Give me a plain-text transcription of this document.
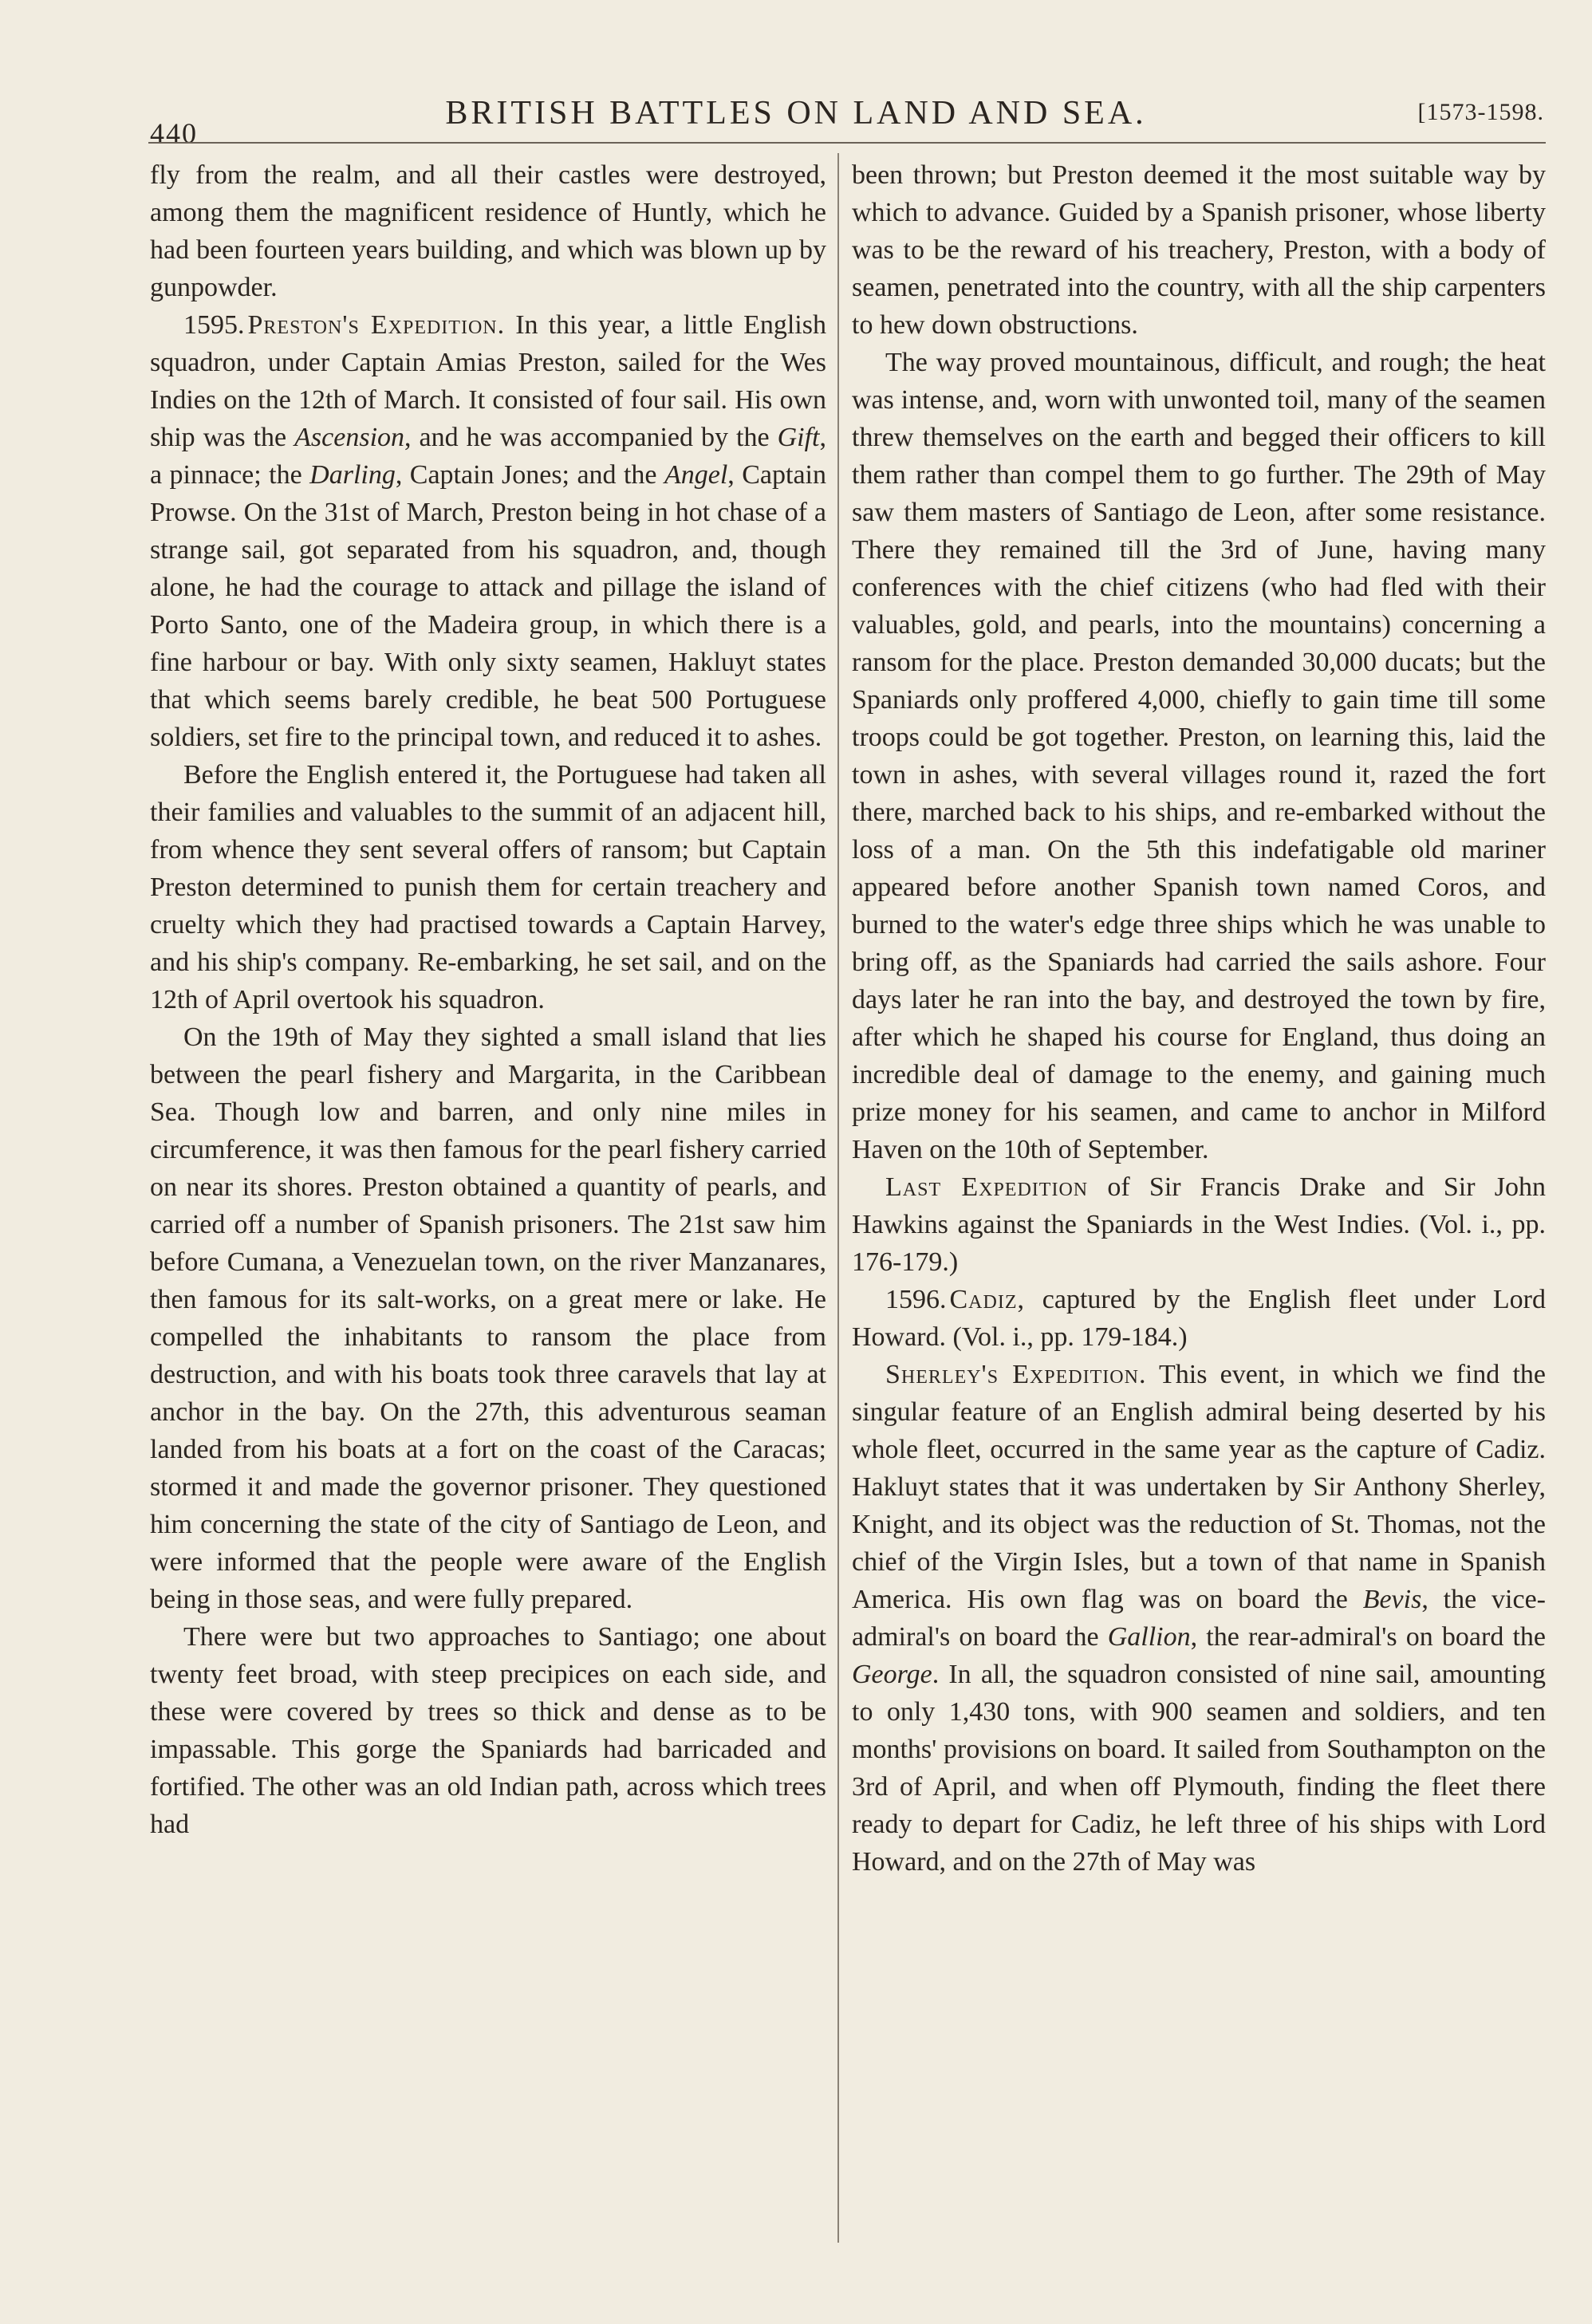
440
BRITISH BATTLES ON LAND AND SEA.	[1573-1598.

fly from the realm, and all their castles were destroyed, among them the magnificent residence of Huntly, which he had been fourteen years building, and which was blown up by gunpowder.

1595. Preston's Expedition. In this year, a little English squadron, under Captain Amias Preston, sailed for the Wes Indies on the 12th of March. It consisted of four sail. His own ship was the Ascension, and he was accompanied by the Gift, a pinnace; the Darling, Captain Jones; and the Angel, Captain Prowse. On the 31st of March, Preston being in hot chase of a strange sail, got separated from his squadron, and, though alone, he had the courage to attack and pillage the island of Porto Santo, one of the Madeira group, in which there is a fine harbour or bay. With only sixty seamen, Hakluyt states that which seems barely credible, he beat 500 Portuguese soldiers, set fire to the principal town, and reduced it to ashes.

Before the English entered it, the Portuguese had taken all their families and valuables to the summit of an adjacent hill, from whence they sent several offers of ransom; but Captain Preston determined to punish them for certain treachery and cruelty which they had practised towards a Captain Harvey, and his ship's company. Re-embarking, he set sail, and on the 12th of April overtook his squadron.

On the 19th of May they sighted a small island that lies between the pearl fishery and Margarita, in the Caribbean Sea. Though low and barren, and only nine miles in circumference, it was then famous for the pearl fishery carried on near its shores. Preston obtained a quantity of pearls, and carried off a number of Spanish prisoners. The 21st saw him before Cumana, a Venezuelan town, on the river Manzanares, then famous for its salt-works, on a great mere or lake. He compelled the inhabitants to ransom the place from destruction, and with his boats took three caravels that lay at anchor in the bay. On the 27th, this adventurous seaman landed from his boats at a fort on the coast of the Caracas; stormed it and made the governor prisoner. They questioned him concerning the state of the city of Santiago de Leon, and were informed that the people were aware of the English being in those seas, and were fully prepared.

There were but two approaches to Santiago; one about twenty feet broad, with steep precipices on each side, and these were covered by trees so thick and dense as to be impassable. This gorge the Spaniards had barricaded and fortified. The other was an old Indian path, across which trees had

been thrown; but Preston deemed it the most suitable way by which to advance. Guided by a Spanish prisoner, whose liberty was to be the reward of his treachery, Preston, with a body of seamen, penetrated into the country, with all the ship carpenters to hew down obstructions.

The way proved mountainous, difficult, and rough; the heat was intense, and, worn with unwonted toil, many of the seamen threw themselves on the earth and begged their officers to kill them rather than compel them to go further. The 29th of May saw them masters of Santiago de Leon, after some resistance. There they remained till the 3rd of June, having many conferences with the chief citizens (who had fled with their valuables, gold, and pearls, into the mountains) concerning a ransom for the place. Preston demanded 30,000 ducats; but the Spaniards only proffered 4,000, chiefly to gain time till some troops could be got together. Preston, on learning this, laid the town in ashes, with several villages round it, razed the fort there, marched back to his ships, and re-embarked without the loss of a man. On the 5th this indefatigable old mariner appeared before another Spanish town named Coros, and burned to the water's edge three ships which he was unable to bring off, as the Spaniards had carried the sails ashore. Four days later he ran into the bay, and destroyed the town by fire, after which he shaped his course for England, thus doing an incredible deal of damage to the enemy, and gaining much prize money for his seamen, and came to anchor in Milford Haven on the 10th of September.

Last Expedition of Sir Francis Drake and Sir John Hawkins against the Spaniards in the West Indies. (Vol. i., pp. 176-179.)

1596. Cadiz, captured by the English fleet under Lord Howard. (Vol. i., pp. 179-184.)

Sherley's Expedition. This event, in which we find the singular feature of an English admiral being deserted by his whole fleet, occurred in the same year as the capture of Cadiz. Hakluyt states that it was undertaken by Sir Anthony Sherley, Knight, and its object was the reduction of St. Thomas, not the chief of the Virgin Isles, but a town of that name in Spanish America. His own flag was on board the Bevis, the vice-admiral's on board the Gallion, the rear-admiral's on board the George. In all, the squadron consisted of nine sail, amounting to only 1,430 tons, with 900 seamen and soldiers, and ten months' provisions on board. It sailed from Southampton on the 3rd of April, and when off Plymouth, finding the fleet there ready to depart for Cadiz, he left three of his ships with Lord Howard, and on the 27th of May was
